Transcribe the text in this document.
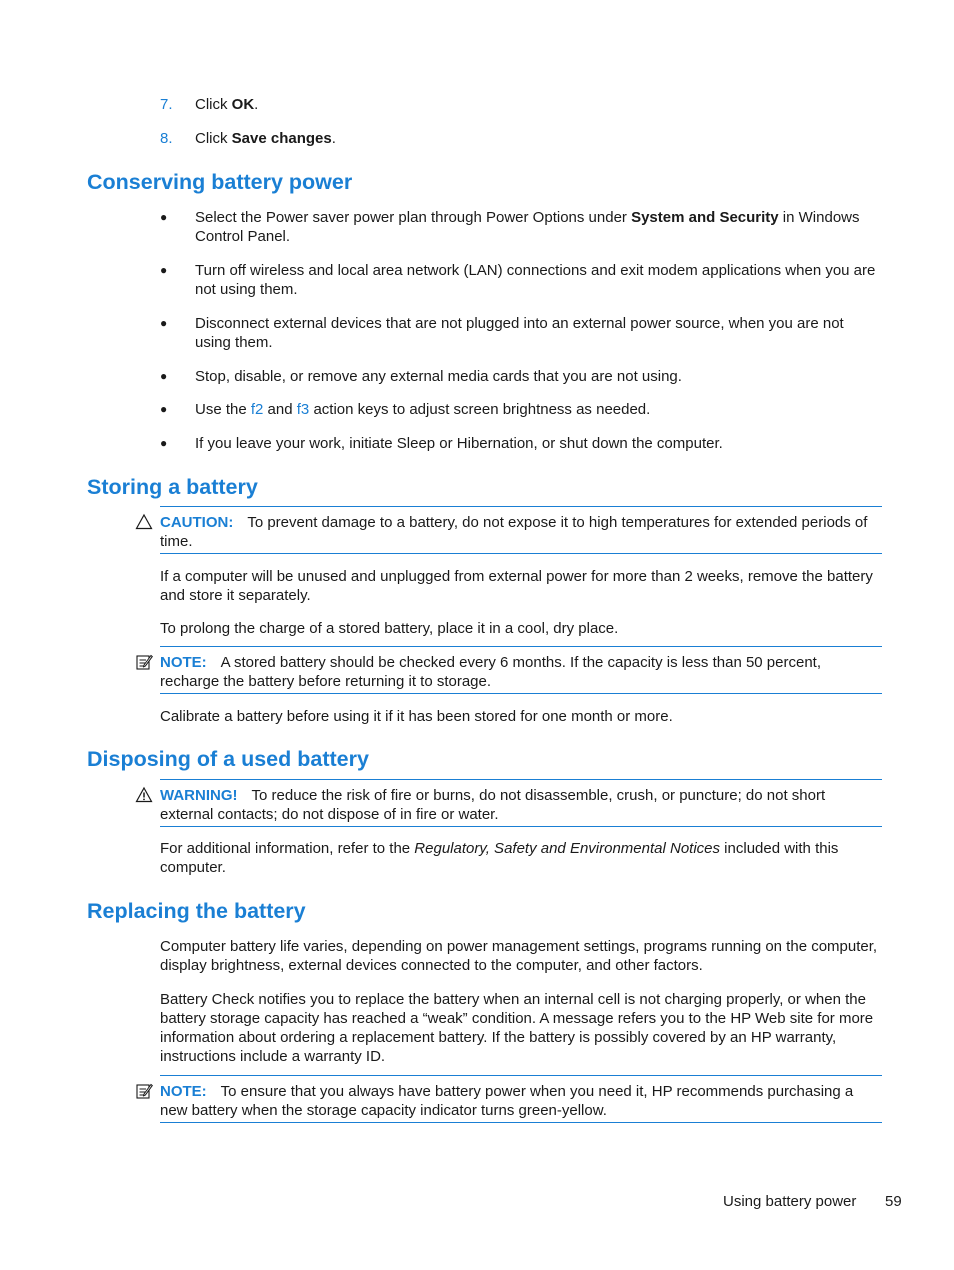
7. Click OK.
8. Click Save changes.
Conserving battery power
● Select the Power saver power plan through Power Options under System and Security in Windows Control Panel.
● Turn off wireless and local area network (LAN) connections and exit modem applications when you are not using them.
● Disconnect external devices that are not plugged into an external power source, when you are not using them.
● Stop, disable, or remove any external media cards that you are not using.
● Use the f2 and f3 action keys to adjust screen brightness as needed.
● If you leave your work, initiate Sleep or Hibernation, or shut down the computer.
Storing a battery
CAUTION: To prevent damage to a battery, do not expose it to high temperatures for extended periods of time.
If a computer will be unused and unplugged from external power for more than 2 weeks, remove the battery and store it separately.
To prolong the charge of a stored battery, place it in a cool, dry place.
NOTE: A stored battery should be checked every 6 months. If the capacity is less than 50 percent, recharge the battery before returning it to storage.
Calibrate a battery before using it if it has been stored for one month or more.
Disposing of a used battery
WARNING! To reduce the risk of fire or burns, do not disassemble, crush, or puncture; do not short external contacts; do not dispose of in fire or water.
For additional information, refer to the Regulatory, Safety and Environmental Notices included with this computer.
Replacing the battery
Computer battery life varies, depending on power management settings, programs running on the computer, display brightness, external devices connected to the computer, and other factors.
Battery Check notifies you to replace the battery when an internal cell is not charging properly, or when the battery storage capacity has reached a “weak” condition. A message refers you to the HP Web site for more information about ordering a replacement battery. If the battery is possibly covered by an HP warranty, instructions include a warranty ID.
NOTE: To ensure that you always have battery power when you need it, HP recommends purchasing a new battery when the storage capacity indicator turns green-yellow.
Using battery power 59
